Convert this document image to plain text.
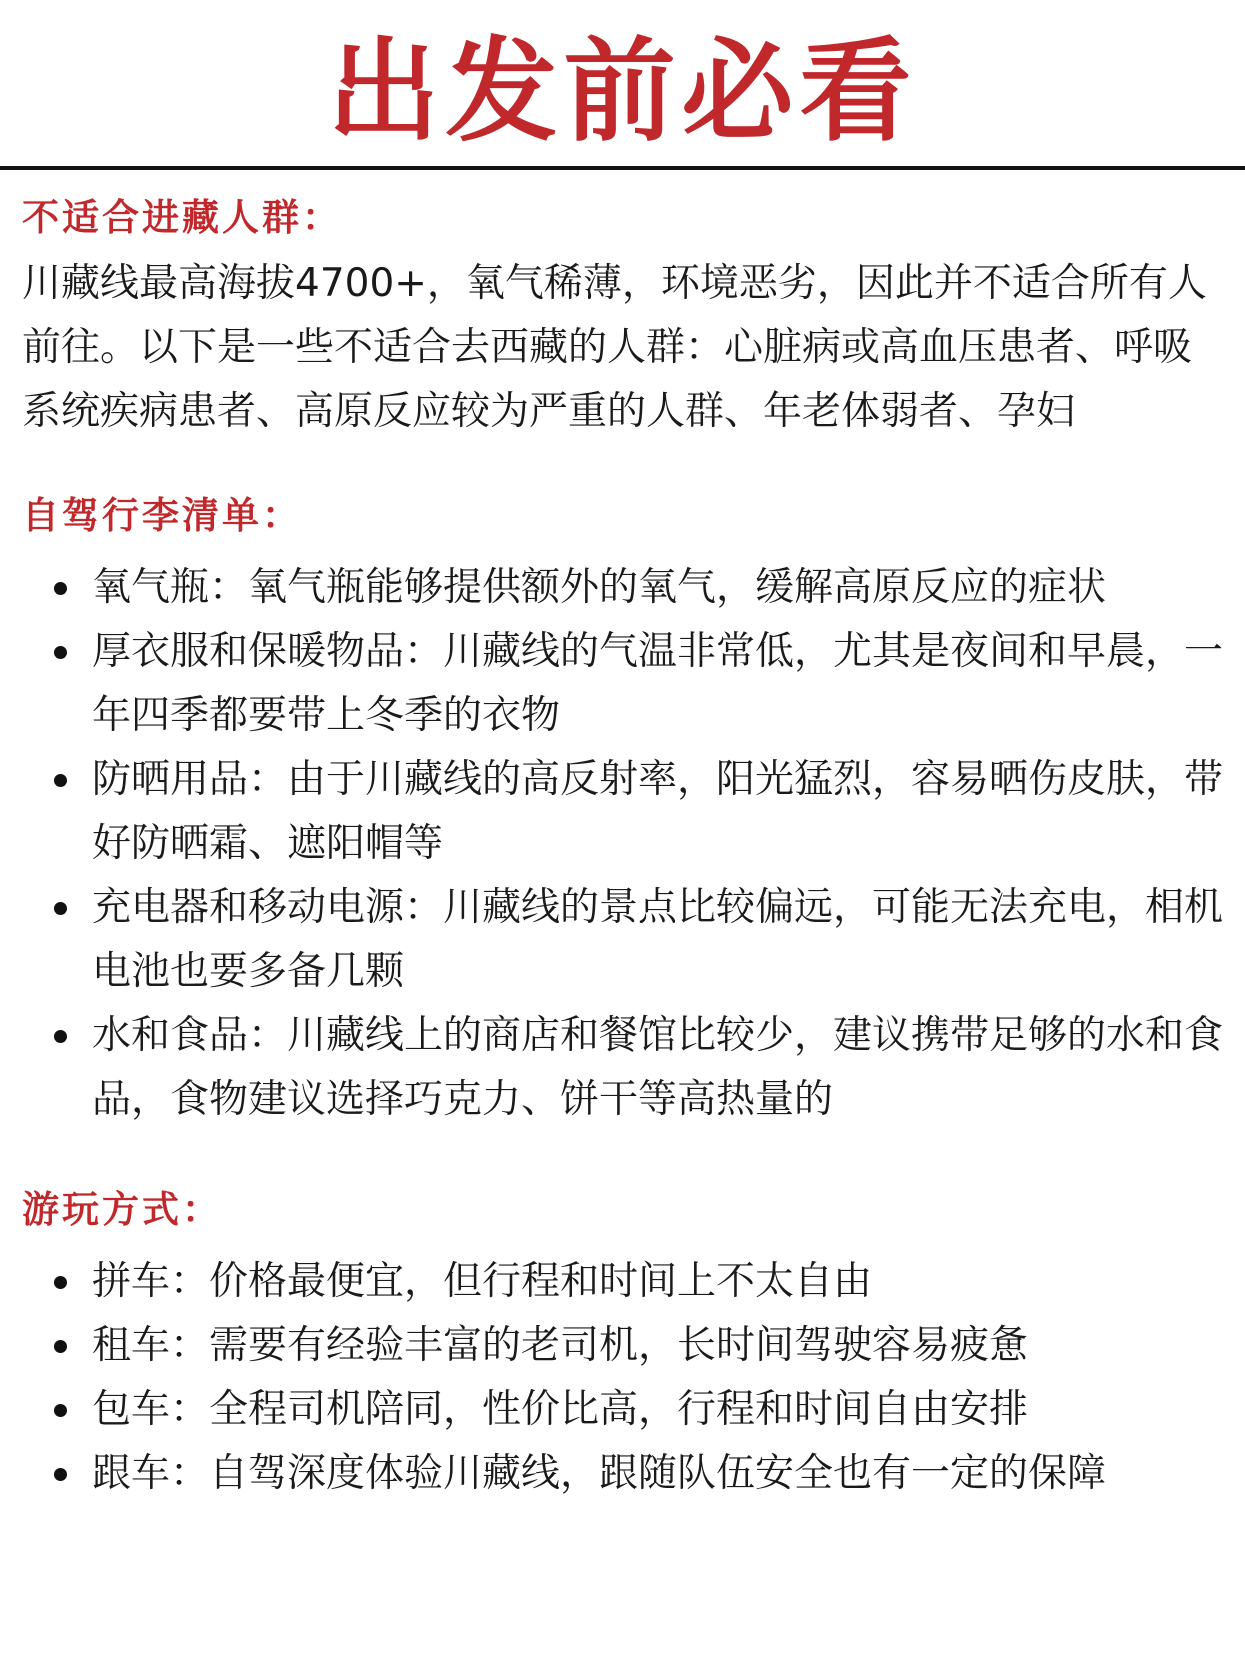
出发前必看
不适合进藏人群：

川藏线最高海拔4700+，氧气稀薄，环境恶劣，因此并不适合所有人前往。以下是一些不适合去西藏的人群：心脏病或高血压患者、呼吸系统疾病患者、高原反应较为严重的人群、年老体弱者、孕妇

自驾行李清单：
氧气瓶：氧气瓶能够提供额外的氧气，缓解高原反应的症状
厚衣服和保暖物品：川藏线的气温非常低，尤其是夜间和早晨，一年四季都要带上冬季的衣物
防晒用品：由于川藏线的高反射率，阳光猛烈，容易晒伤皮肤，带好防晒霜、遮阳帽等
充电器和移动电源：川藏线的景点比较偏远，可能无法充电，相机电池也要多备几颗
水和食品：川藏线上的商店和餐馆比较少，建议携带足够的水和食品，食物建议选择巧克力、饼干等高热量的
游玩方式：
拼车：价格最便宜，但行程和时间上不太自由
租车：需要有经验丰富的老司机，长时间驾驶容易疲惫
包车：全程司机陪同，性价比高，行程和时间自由安排
跟车：自驾深度体验川藏线，跟随队伍安全也有一定的保障
